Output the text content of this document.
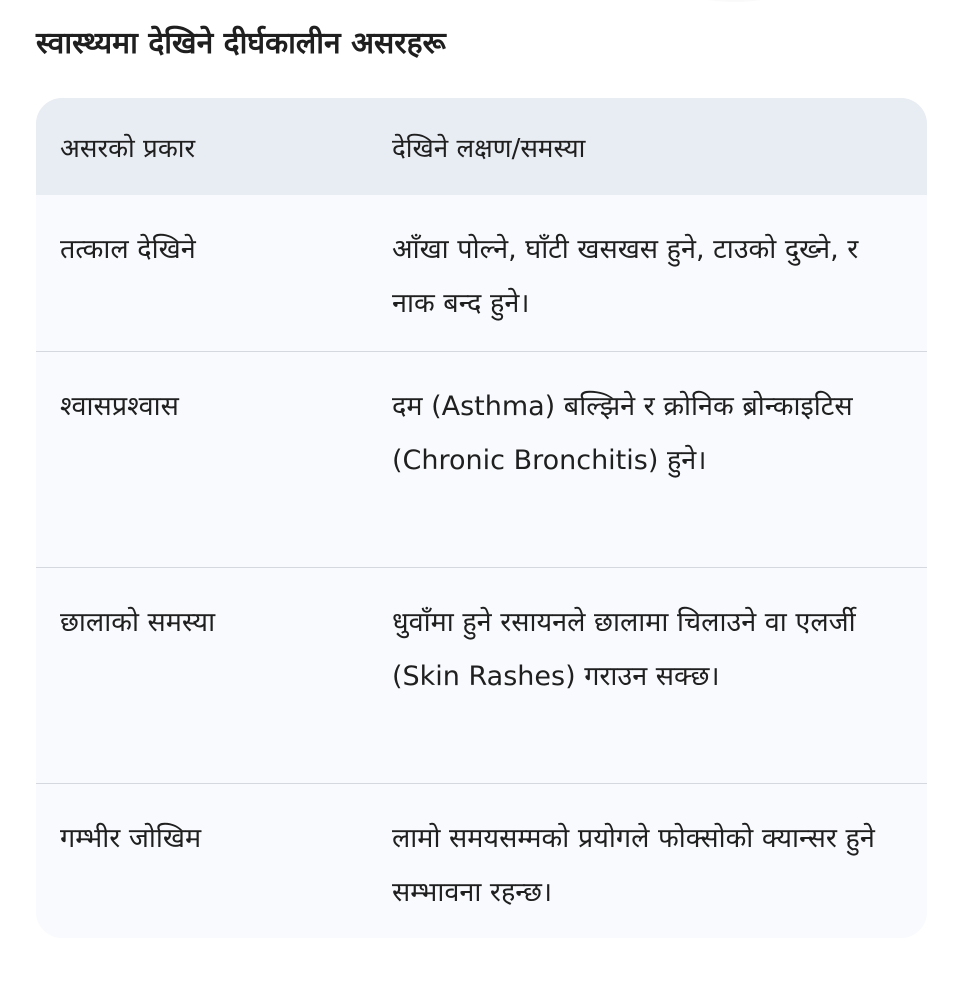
स्वास्थ्यमा देखिने दीर्घकालीन असरहरू
असरको प्रकार	देखिने लक्षण/समस्या
तत्काल देखिने	आँखा पोल्ने, घाँटी खसखस हुने, टाउको दुख्ने, र नाक बन्द हुने।
श्वासप्रश्वास	दम (Asthma) बल्झिने र क्रोनिक ब्रोन्काइटिस (Chronic Bronchitis) हुने।
छालाको समस्या	धुवाँमा हुने रसायनले छालामा चिलाउने वा एलर्जी (Skin Rashes) गराउन सक्छ।
गम्भीर जोखिम	लामो समयसम्मको प्रयोगले फोक्सोको क्यान्सर हुने सम्भावना रहन्छ।
